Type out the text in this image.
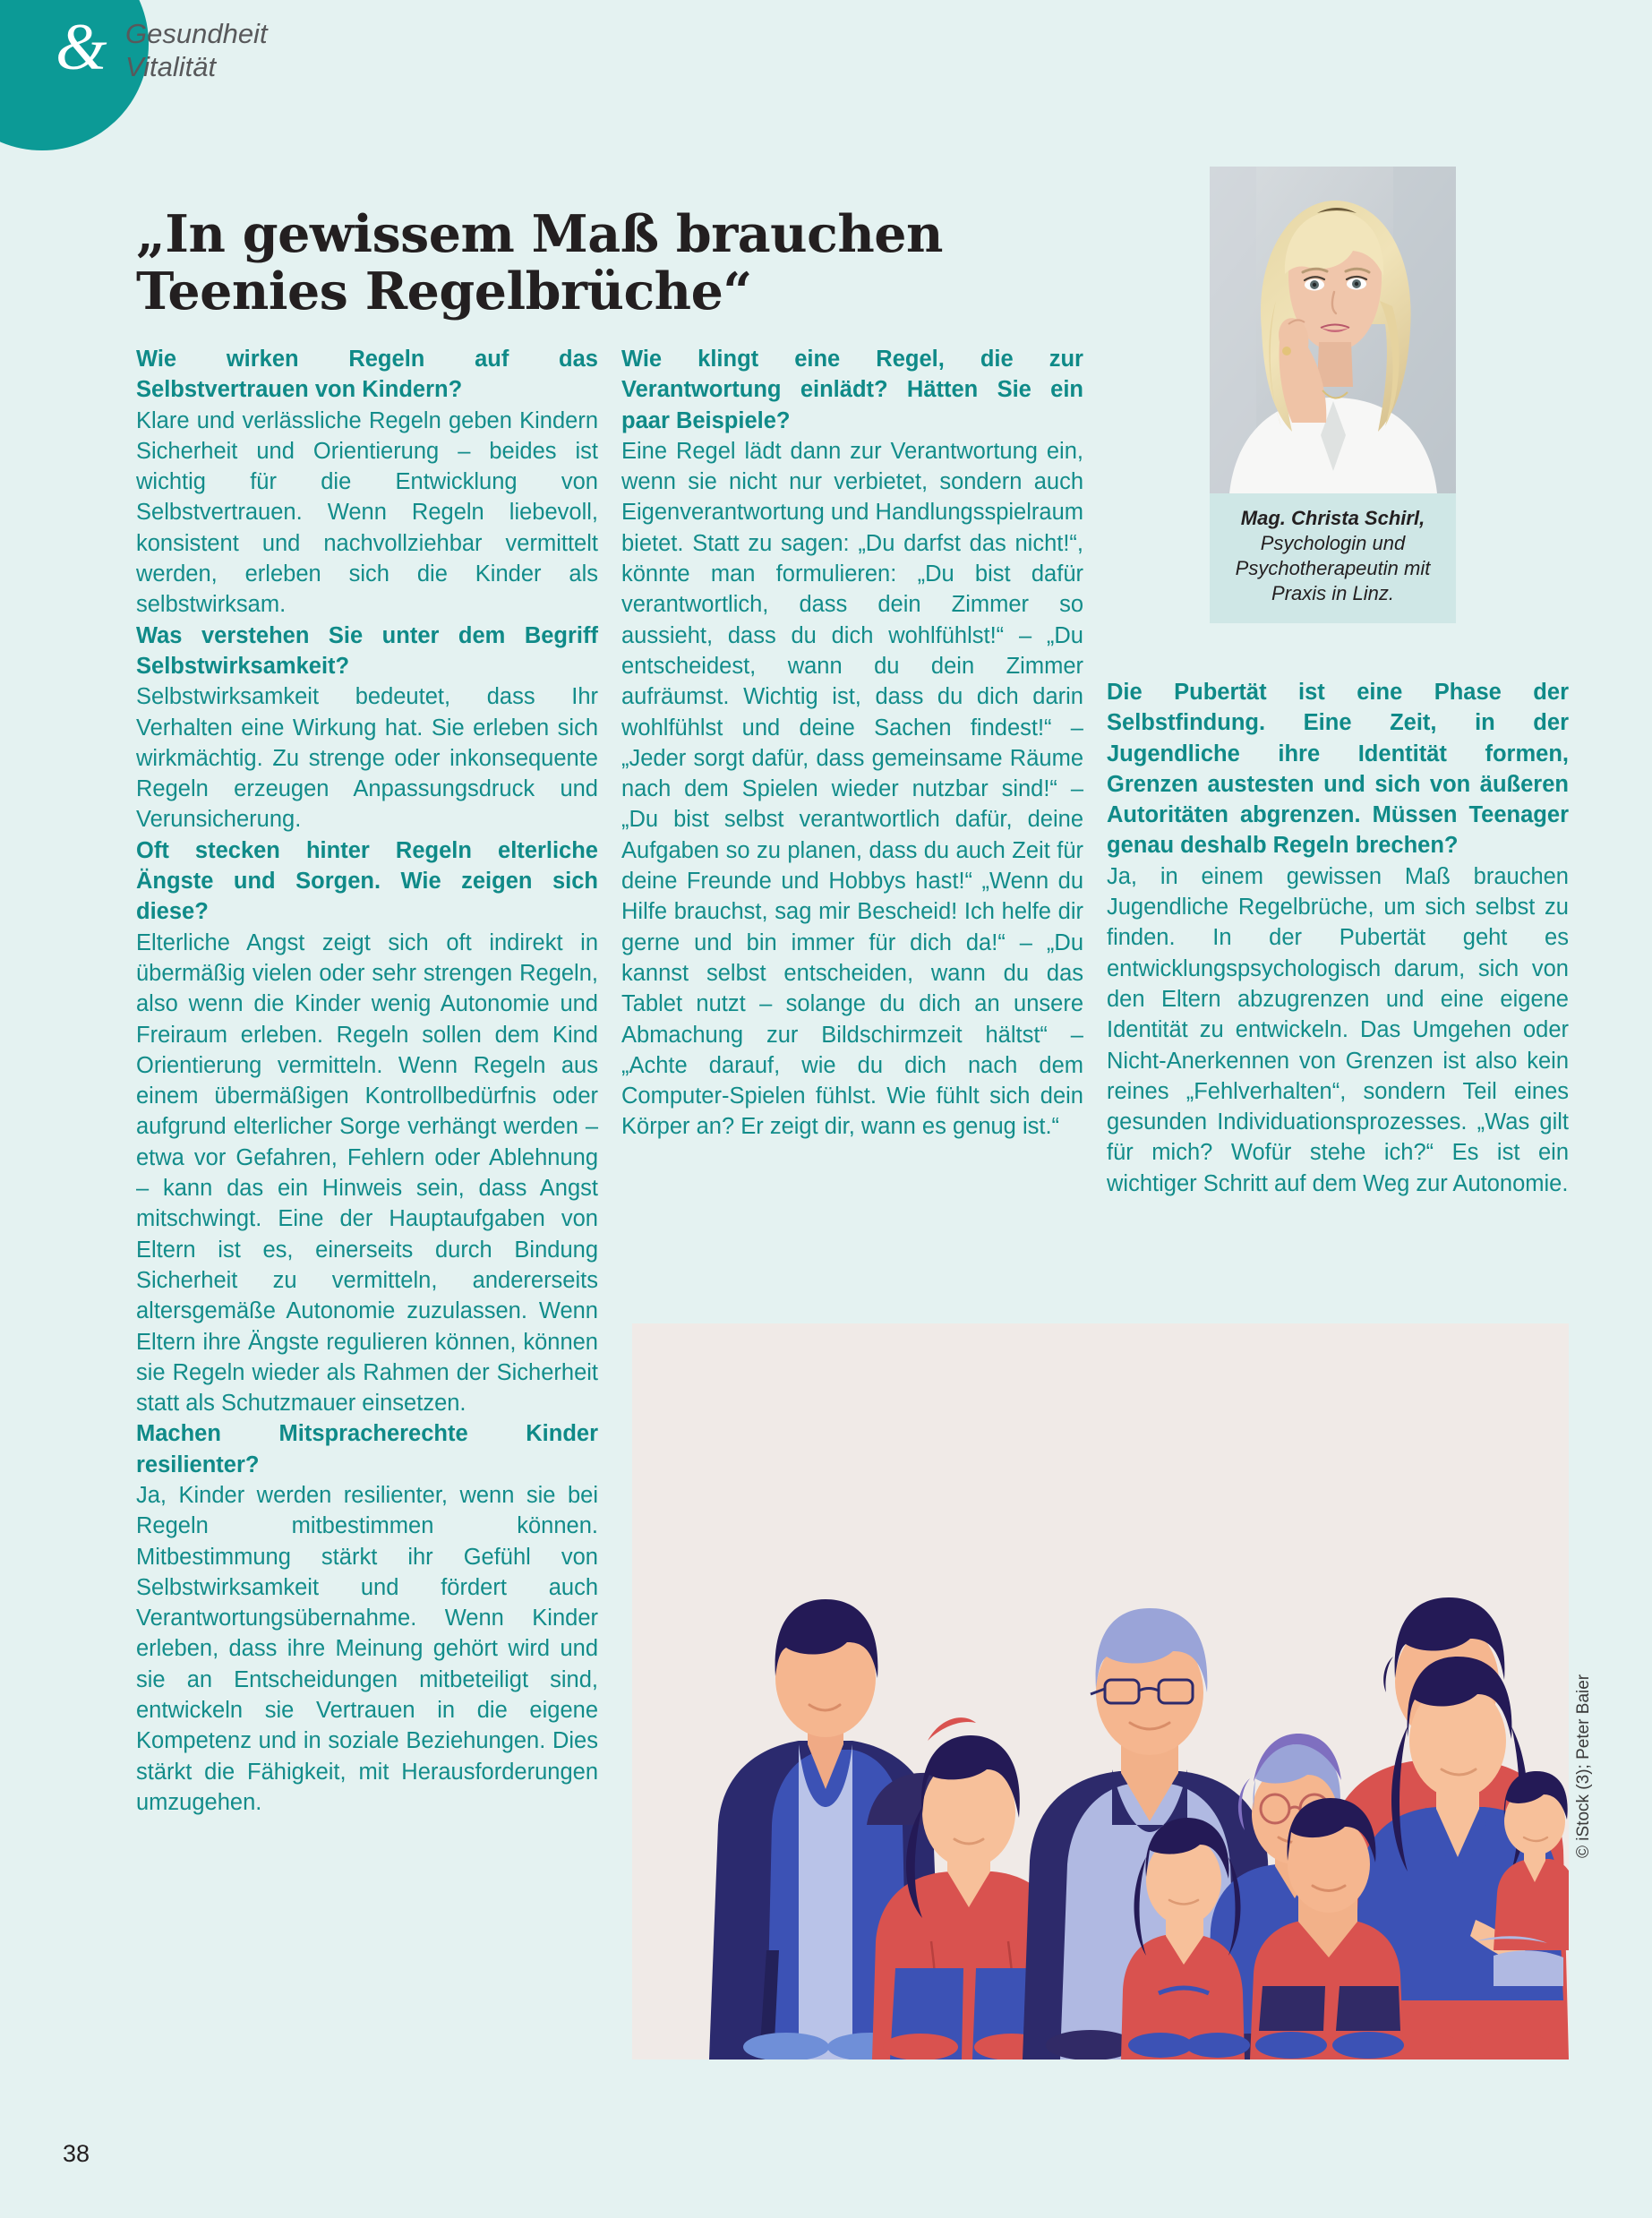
& Gesundheit
Vitalität
„In gewissem Maß brauchen Teenies Regelbrüche“
Mag. Christa Schirl,
Psychologin und Psychotherapeutin mit Praxis in Linz.

Wie wirken Regeln auf das Selbstvertrauen von Kindern?

Klare und verlässliche Regeln geben Kindern Sicherheit und Orientierung – beides ist wichtig für die Entwicklung von Selbstvertrauen. Wenn Regeln liebevoll, konsistent und nachvollziehbar vermittelt werden, erleben sich die Kinder als selbstwirksam.

Was verstehen Sie unter dem Begriff Selbstwirksamkeit?

Selbstwirksamkeit bedeutet, dass Ihr Verhalten eine Wirkung hat. Sie erleben sich wirkmächtig. Zu strenge oder inkonsequente Regeln erzeugen Anpassungsdruck und Verunsicherung.

Oft stecken hinter Regeln elterliche Ängste und Sorgen. Wie zeigen sich diese?

Elterliche Angst zeigt sich oft indirekt in übermäßig vielen oder sehr strengen Regeln, also wenn die Kinder wenig Autonomie und Freiraum erleben. Regeln sollen dem Kind Orientierung vermitteln. Wenn Regeln aus einem übermäßigen Kontrollbedürfnis oder aufgrund elterlicher Sorge verhängt werden – etwa vor Gefahren, Fehlern oder Ablehnung – kann das ein Hinweis sein, dass Angst mitschwingt. Eine der Hauptaufgaben von Eltern ist es, einerseits durch Bindung Sicherheit zu vermitteln, andererseits altersgemäße Autonomie zuzulassen. Wenn Eltern ihre Ängste regulieren können, können sie Regeln wieder als Rahmen der Sicherheit statt als Schutzmauer einsetzen.

Machen Mitspracherechte Kinder resilienter?

Ja, Kinder werden resilienter, wenn sie bei Regeln mitbestimmen können. Mitbestimmung stärkt ihr Gefühl von Selbstwirksamkeit und fördert auch Verantwortungsübernahme. Wenn Kinder erleben, dass ihre Meinung gehört wird und sie an Entscheidungen mitbeteiligt sind, entwickeln sie Vertrauen in die eigene Kompetenz und in soziale Beziehungen. Dies stärkt die Fähigkeit, mit Herausforderungen umzugehen.

Wie klingt eine Regel, die zur Verantwortung einlädt? Hätten Sie ein paar Beispiele?

Eine Regel lädt dann zur Verantwortung ein, wenn sie nicht nur verbietet, sondern auch Eigenverantwortung und Handlungsspielraum bietet. Statt zu sagen: „Du darfst das nicht!“, könnte man formulieren: „Du bist dafür verantwortlich, dass dein Zimmer so aussieht, dass du dich wohlfühlst!“ – „Du entscheidest, wann du dein Zimmer aufräumst. Wichtig ist, dass du dich darin wohlfühlst und deine Sachen findest!“ – „Jeder sorgt dafür, dass gemeinsame Räume nach dem Spielen wieder nutzbar sind!“ – „Du bist selbst verantwortlich dafür, deine Aufgaben so zu planen, dass du auch Zeit für deine Freunde und Hobbys hast!“ „Wenn du Hilfe brauchst, sag mir Bescheid! Ich helfe dir gerne und bin immer für dich da!“ – „Du kannst selbst entscheiden, wann du das Tablet nutzt – solange du dich an unsere Abmachung zur Bildschirmzeit hältst“ – „Achte darauf, wie du dich nach dem Computer-Spielen fühlst. Wie fühlt sich dein Körper an? Er zeigt dir, wann es genug ist.“

Die Pubertät ist eine Phase der Selbstfindung. Eine Zeit, in der Jugendliche ihre Identität formen, Grenzen austesten und sich von äußeren Autoritäten abgrenzen. Müssen Teenager genau deshalb Regeln brechen?

Ja, in einem gewissen Maß brauchen Jugendliche Regelbrüche, um sich selbst zu finden. In der Pubertät geht es entwicklungspsychologisch darum, sich von den Eltern abzugrenzen und eine eigene Identität zu entwickeln. Das Umgehen oder Nicht-Anerkennen von Grenzen ist also kein reines „Fehlverhalten“, sondern Teil eines gesunden Individuationsprozesses. „Was gilt für mich? Wofür stehe ich?“ Es ist ein wichtiger Schritt auf dem Weg zur Autonomie.

© iStock (3); Peter Baier
38
